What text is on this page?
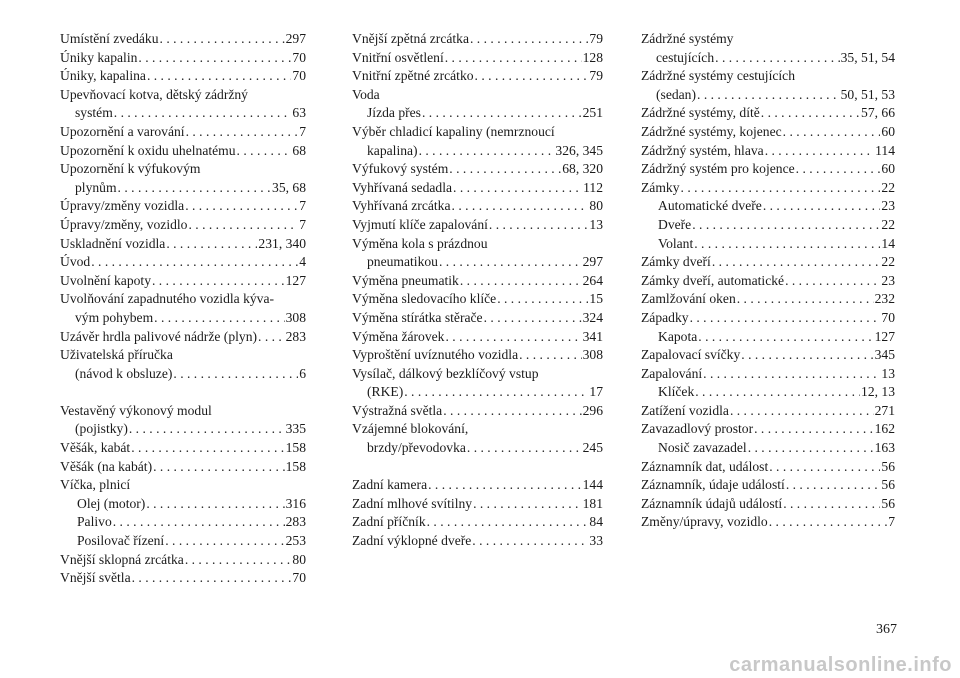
Umístění zvedáku . . .	297
Úniky kapalin . . .	70
Úniky, kapalina . . .	70
Upevňovací kotva, dětský zádržný
systém . . .	63
Upozornění a varování . . .	7
Upozornění k oxidu uhelnatému . . .	68
Upozornění k výfukovým
plynům . . .	35, 68
Úpravy/změny vozidla . . .	7
Úpravy/změny, vozidlo . . .	7
Uskladnění vozidla . . .	231, 340
Úvod . . .	4
Uvolnění kapoty . . .	127
Uvolňování zapadnutého vozidla kýva-
vým pohybem . . .	308
Uzávěr hrdla palivové nádrže (plyn) . . . 283
Uživatelská příručka
(návod k obsluze) . . .	6
Vestavěný výkonový modul
(pojistky) . . .	335
Věšák, kabát . . .	158
Věšák (na kabát) . . .	158
Víčka, plnicí
Olej (motor) . . .	316
Palivo . . .	283
Posilovač řízení . . .	253
Vnější sklopná zrcátka . . .	80
Vnější světla . . .	70
Vnější zpětná zrcátka . . .	79
Vnitřní osvětlení . . .	128
Vnitřní zpětné zrcátko . . .	79
Voda
Jízda přes . . .	251
Výběr chladicí kapaliny (nemrznoucí
kapalina) . . .	326, 345
Výfukový systém . . .	68, 320
Vyhřívaná sedadla . . .	112
Vyhřívaná zrcátka . . .	80
Vyjmutí klíče zapalování . . .	13
Výměna kola s prázdnou
pneumatikou . . .	297
Výměna pneumatik . . .	264
Výměna sledovacího klíče . . .	15
Výměna stírátka stěrače . . .	324
Výměna žárovek . . .	341
Vyproštění uvíznutého vozidla . . .	308
Vysílač, dálkový bezklíčový vstup
(RKE) . . .	17
Výstražná světla . . .	296
Vzájemné blokování,
brzdy/převodovka . . .	245
Zadní kamera . . .	144
Zadní mlhové svítilny . . .	181
Zadní příčník . . .	84
Zadní výklopné dveře . . .	33
Zádržné systémy
cestujících . . .	35, 51, 54
Zádržné systémy cestujících
(sedan) . . .	50, 51, 53
Zádržné systémy, dítě . . .	57, 66
Zádržné systémy, kojenec . . .	60
Zádržný systém, hlava . . .	114
Zádržný systém pro kojence . . .	60
Zámky . . .	22
Automatické dveře . . .	23
Dveře . . .	22
Volant . . .	14
Zámky dveří . . .	22
Zámky dveří, automatické . . .	23
Zamlžování oken . . .	232
Západky . . .	70
Kapota . . .	127
Zapalovací svíčky . . .	345
Zapalování . . .	13
Klíček . . .	12, 13
Zatížení vozidla . . .	271
Zavazadlový prostor . . .	162
Nosič zavazadel . . .	163
Záznamník dat, událost . . .	56
Záznamník, údaje událostí . . .	56
Záznamník údajů událostí . . .	56
Změny/úpravy, vozidlo . . .	7
367
carmanualsonline.info
